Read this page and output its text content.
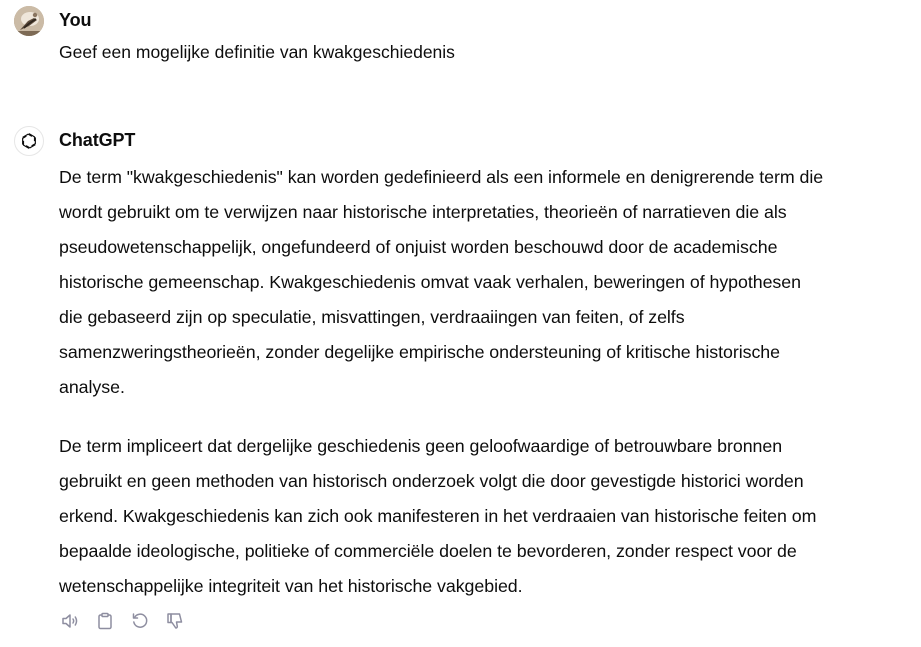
You
Geef een mogelijke definitie van kwakgeschiedenis
ChatGPT

De term "kwakgeschiedenis" kan worden gedefinieerd als een informele en denigrerende term die
wordt gebruikt om te verwijzen naar historische interpretaties, theorieën of narratieven die als
pseudowetenschappelijk, ongefundeerd of onjuist worden beschouwd door de academische
historische gemeenschap. Kwakgeschiedenis omvat vaak verhalen, beweringen of hypothesen
die gebaseerd zijn op speculatie, misvattingen, verdraaiingen van feiten, of zelfs
samenzweringstheorieën, zonder degelijke empirische ondersteuning of kritische historische
analyse.

De term impliceert dat dergelijke geschiedenis geen geloofwaardige of betrouwbare bronnen
gebruikt en geen methoden van historisch onderzoek volgt die door gevestigde historici worden
erkend. Kwakgeschiedenis kan zich ook manifesteren in het verdraaien van historische feiten om
bepaalde ideologische, politieke of commerciële doelen te bevorderen, zonder respect voor de
wetenschappelijke integriteit van het historische vakgebied.
